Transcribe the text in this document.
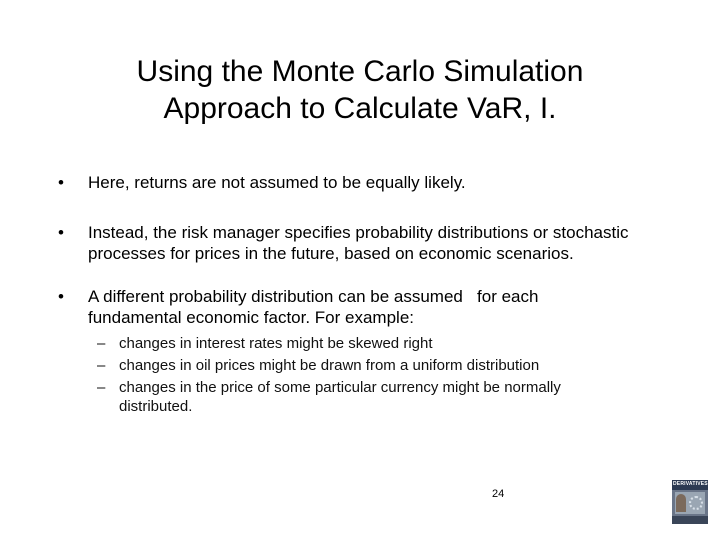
Using the Monte Carlo Simulation
Approach to Calculate VaR, I.
•	Here, returns are not assumed to be equally likely.
•	Instead, the risk manager specifies probability distributions or stochastic
processes for prices in the future, based on economic scenarios.
•	A different probability distribution can be assumed   for each
fundamental economic factor. For example:
– changes in interest rates might be skewed right
– changes in oil prices might be drawn from a uniform distribution
– changes in the price of some particular currency might be normally
distributed.
24
DERIVATIVES
